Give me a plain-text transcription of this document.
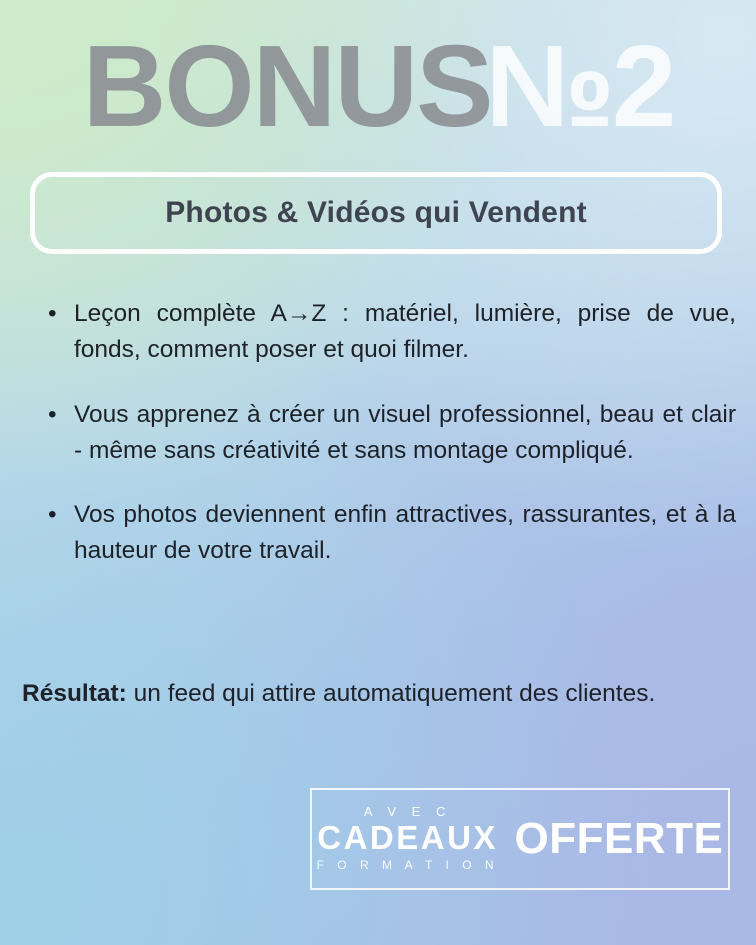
BONUS
№2
Photos & Vidéos qui Vendent
• Leçon complète A→Z : matériel, lumière, prise de vue, fonds, comment poser et quoi filmer.
• Vous apprenez à créer un visuel professionnel, beau et clair - même sans créativité et sans montage compliqué.
• Vos photos deviennent enfin attractives, rassurantes, et à la hauteur de votre travail.
Résultat: un feed qui attire automatiquement des clientes.
A V E C
CADEAUX
F O R M A T I O N
OFFERTE
